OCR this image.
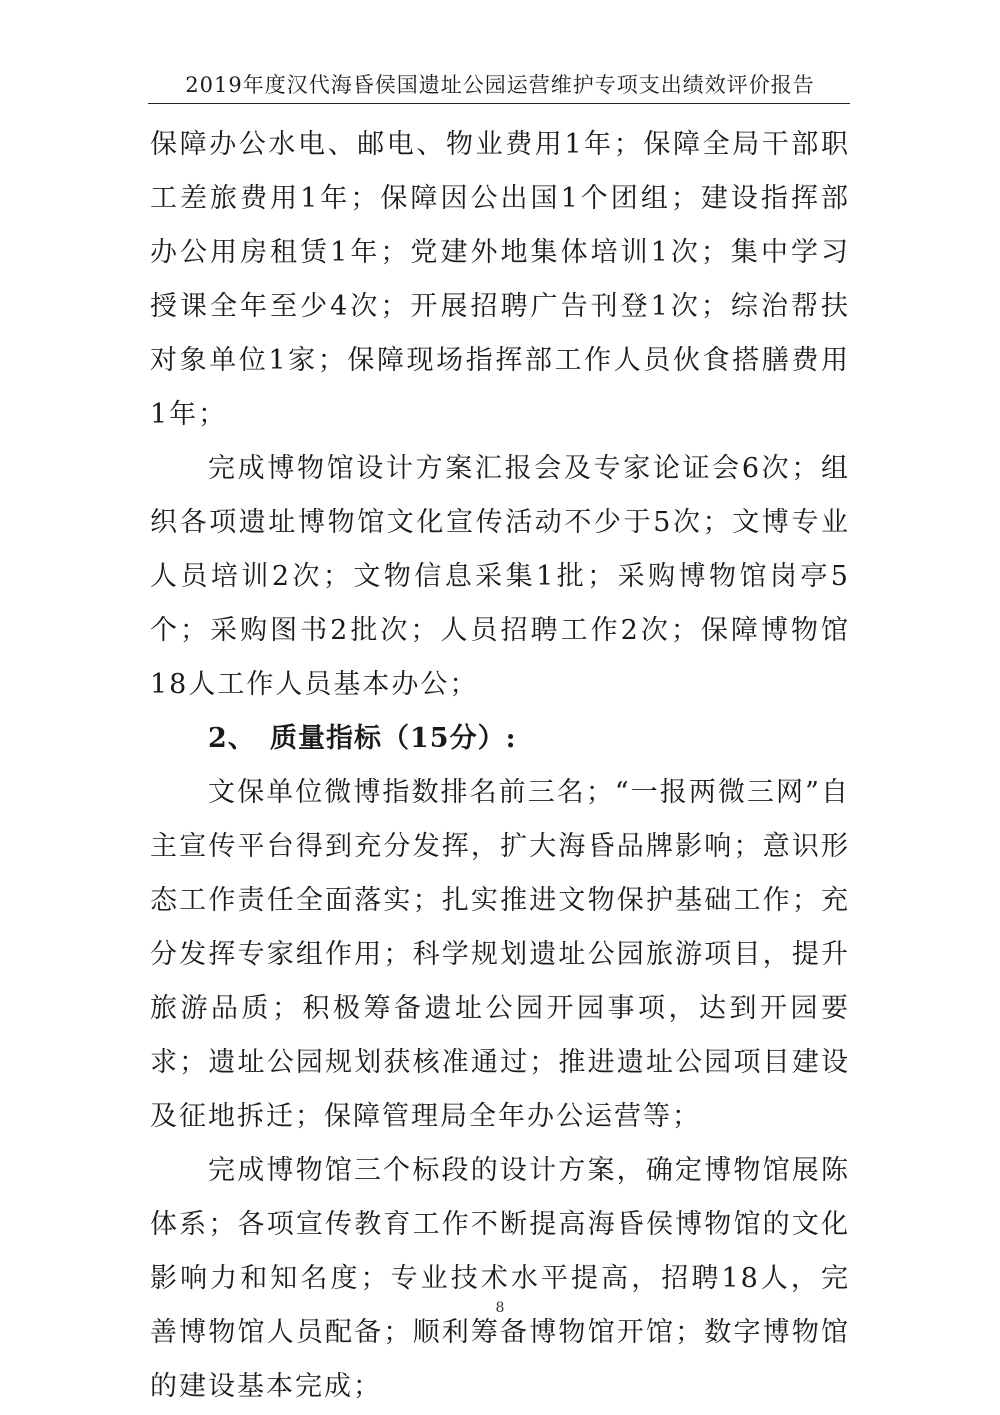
2019年度汉代海昏侯国遗址公园运营维护专项支出绩效评价报告

保障办公水电、邮电、物业费用1年；保障全局干部职工差旅费用1年；保障因公出国1个团组；建设指挥部办公用房租赁1年；党建外地集体培训1次；集中学习授课全年至少4次；开展招聘广告刊登1次；综治帮扶对象单位1家；保障现场指挥部工作人员伙食搭膳费用1年；

完成博物馆设计方案汇报会及专家论证会6次；组织各项遗址博物馆文化宣传活动不少于5次；文博专业人员培训2次；文物信息采集1批；采购博物馆岗亭5个；采购图书2批次；人员招聘工作2次；保障博物馆18人工作人员基本办公；

2、 质量指标（15分）:

文保单位微博指数排名前三名；“一报两微三网”自主宣传平台得到充分发挥，扩大海昏品牌影响；意识形态工作责任全面落实；扎实推进文物保护基础工作；充分发挥专家组作用；科学规划遗址公园旅游项目，提升旅游品质；积极筹备遗址公园开园事项，达到开园要求；遗址公园规划获核准通过；推进遗址公园项目建设及征地拆迁；保障管理局全年办公运营等；

完成博物馆三个标段的设计方案，确定博物馆展陈体系；各项宣传教育工作不断提高海昏侯博物馆的文化影响力和知名度；专业技术水平提高，招聘18人，完善博物馆人员配备；顺利筹备博物馆开馆；数字博物馆的建设基本完成；

8
